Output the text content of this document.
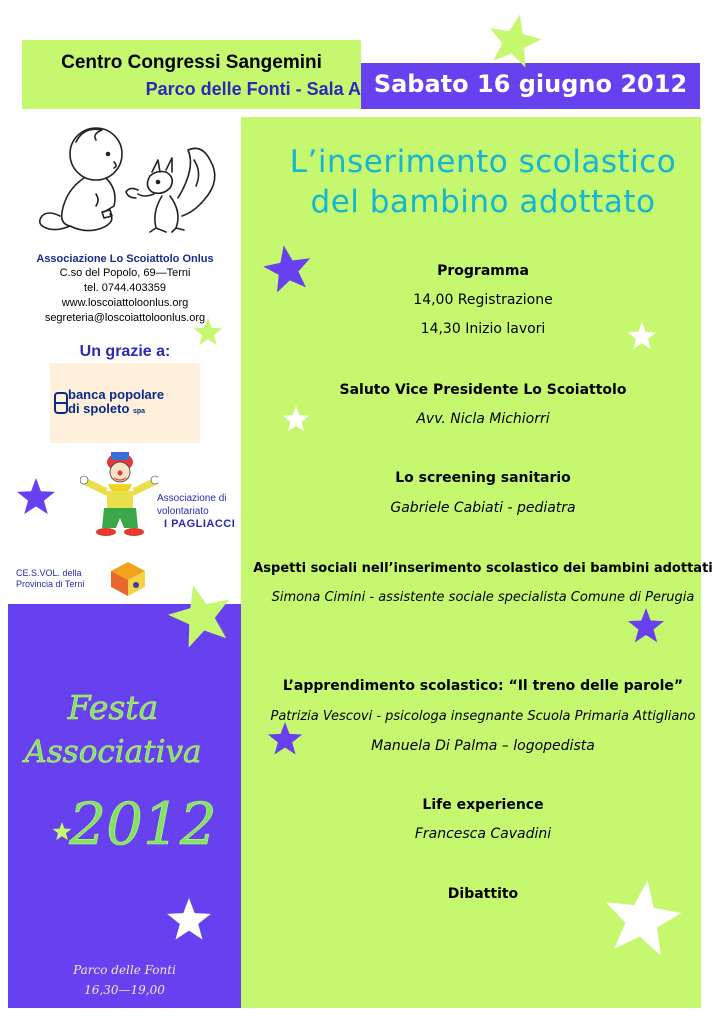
Centro Congressi Sangemini
Parco delle Fonti - Sala A Sabato 16 giugno 2012
L’inserimento scolastico
del bambino adottato
Programma
14,00 Registrazione
14,30 Inizio lavori
Saluto Vice Presidente Lo Scoiattolo
Avv. Nicla Michiorri
Lo screening sanitario
Gabriele Cabiati - pediatra
Aspetti sociali nell’inserimento scolastico dei bambini adottati
Simona Cimini - assistente sociale specialista Comune di Perugia
L’apprendimento scolastico: “Il treno delle parole”
Patrizia Vescovi - psicologa insegnante Scuola Primaria Attigliano
Manuela Di Palma – logopedista
Life experience
Francesca Cavadini
Dibattito
Associazione Lo Scoiattolo Onlus
C.so del Popolo, 69—Terni
tel. 0744.403359
www.loscoiattoloonlus.org
segreteria@loscoiattoloonlus.org
Un grazie a:
banca popolare
di spoleto spa
Associazione di
volontariato
I PAGLIACCI
CE.S.VOL. della
Provincia di Terni
Festa
Associativa
2012
Parco delle Fonti
16,30—19,00
